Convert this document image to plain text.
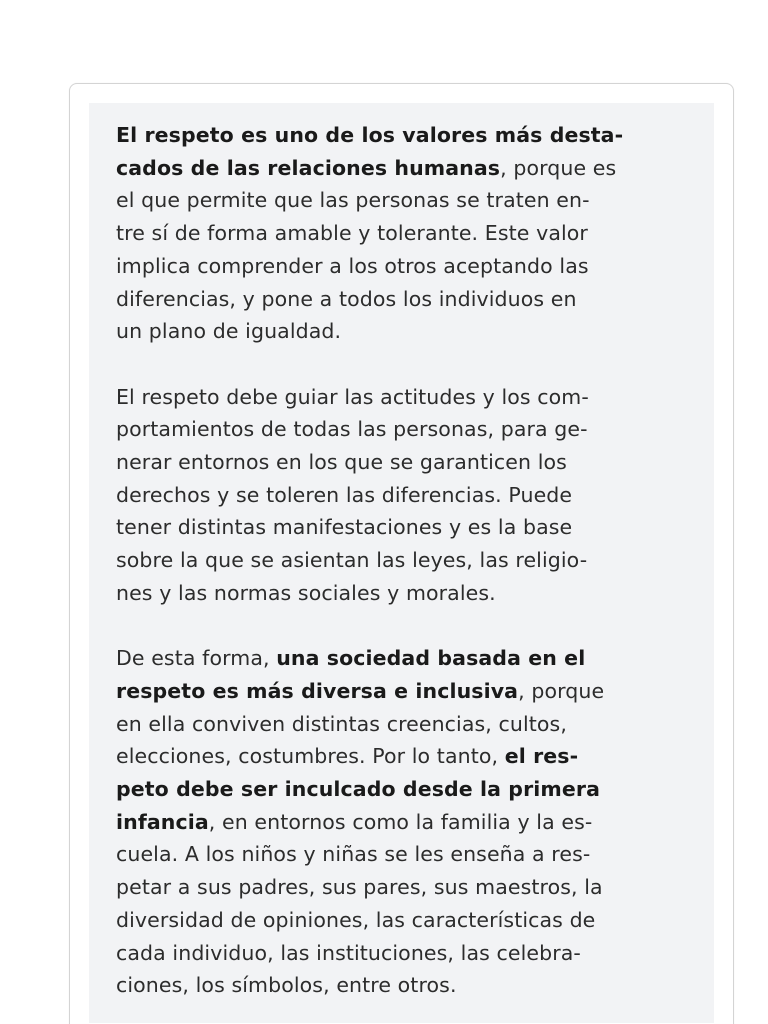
El respeto es uno de los valores más desta-
cados de las relaciones humanas, porque es
el que permite que las personas se traten en-
tre sí de forma amable y tolerante. Este valor
implica comprender a los otros aceptando las
diferencias, y pone a todos los individuos en
un plano de igualdad.

El respeto debe guiar las actitudes y los com-
portamientos de todas las personas, para ge-
nerar entornos en los que se garanticen los
derechos y se toleren las diferencias. Puede
tener distintas manifestaciones y es la base
sobre la que se asientan las leyes, las religio-
nes y las normas sociales y morales.

De esta forma, una sociedad basada en el
respeto es más diversa e inclusiva, porque
en ella conviven distintas creencias, cultos,
elecciones, costumbres. Por lo tanto, el res-
peto debe ser inculcado desde la primera
infancia, en entornos como la familia y la es-
cuela. A los niños y niñas se les enseña a res-
petar a sus padres, sus pares, sus maestros, la
diversidad de opiniones, las características de
cada individuo, las instituciones, las celebra-
ciones, los símbolos, entre otros.
